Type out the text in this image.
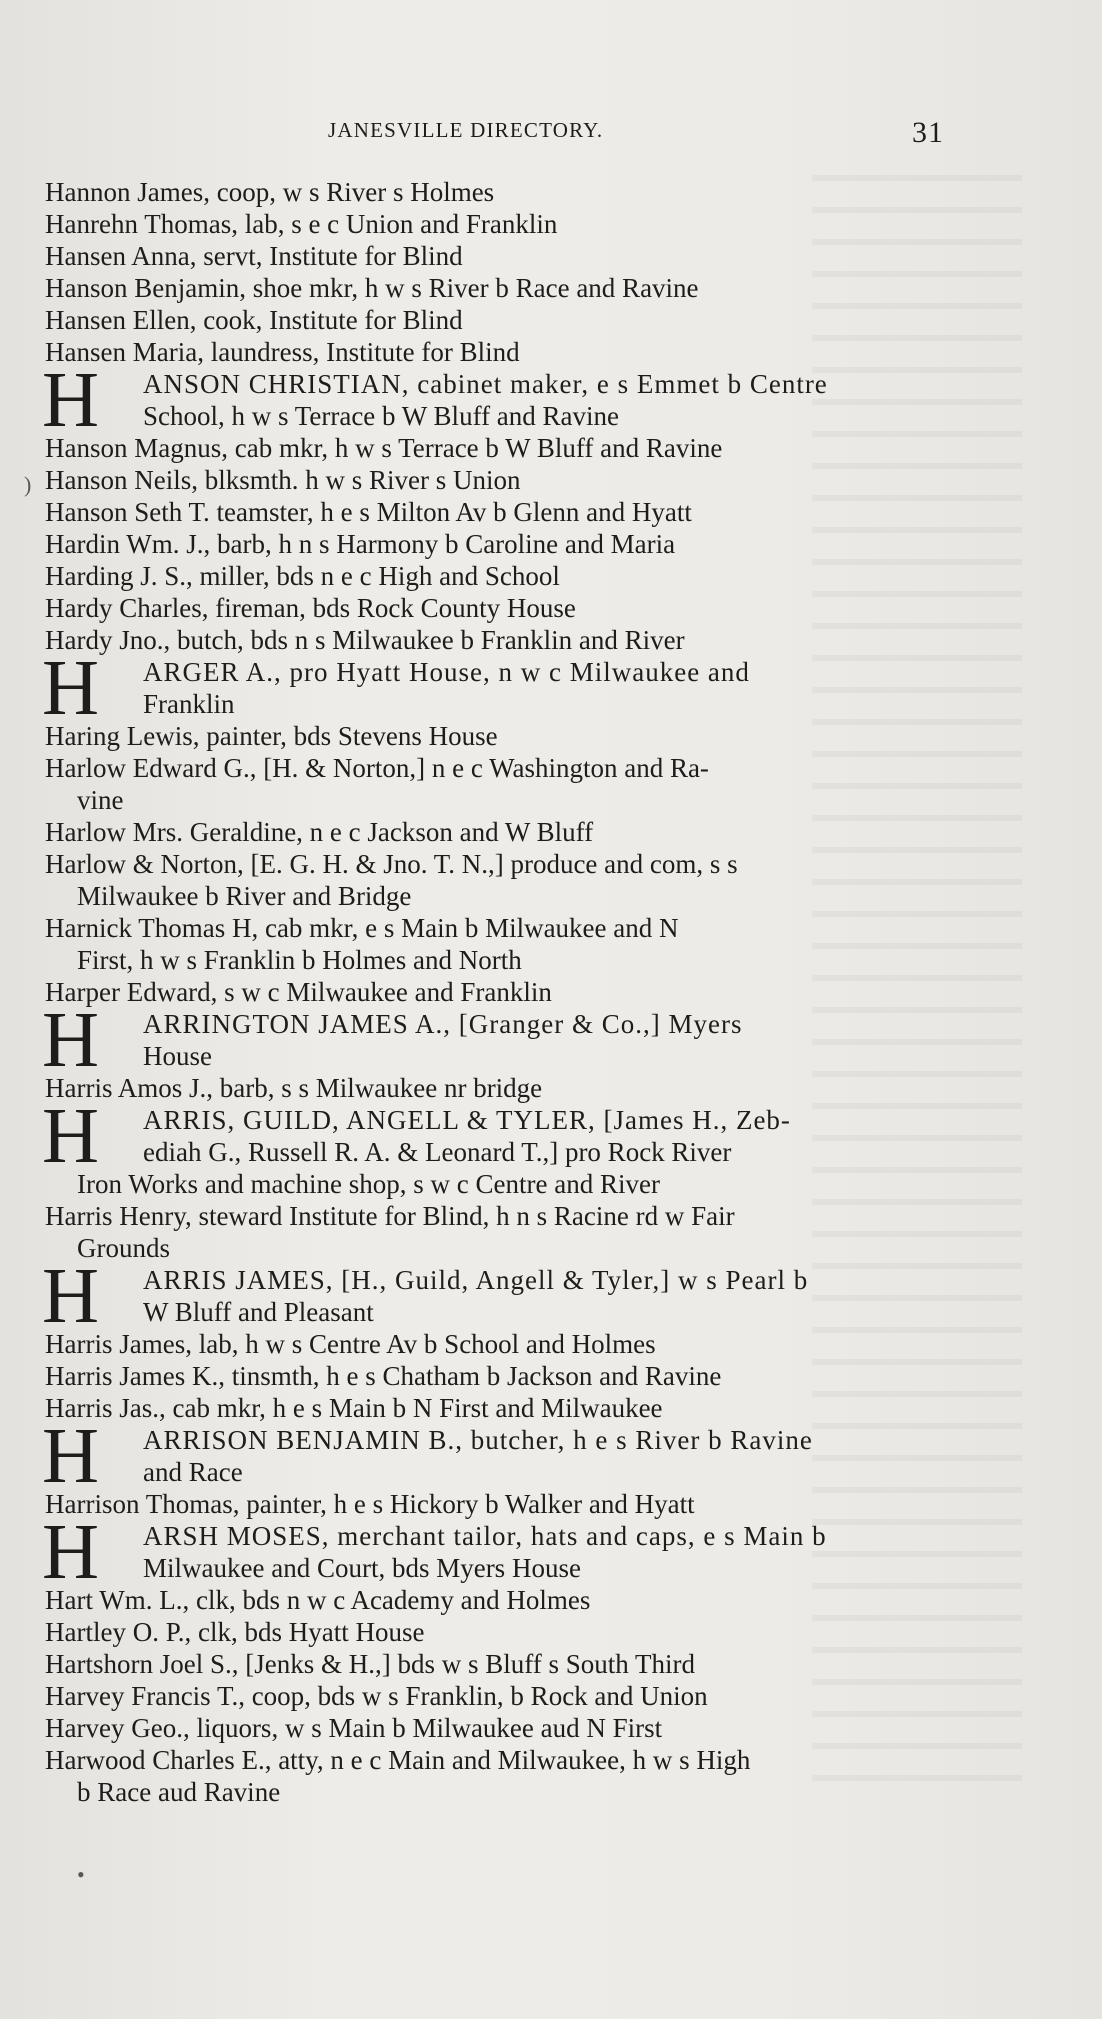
JANESVILLE DIRECTORY.	31
Hannon James, coop, w s River s Holmes
Hanrehn Thomas, lab, s e c Union and Franklin
Hansen Anna, servt, Institute for Blind
Hanson Benjamin, shoe mkr, h w s River b Race and Ravine
Hansen Ellen, cook, Institute for Blind
Hansen Maria, laundress, Institute for Blind
H ANSON CHRISTIAN, cabinet maker, e s Emmet b Centre
School, h w s Terrace b W Bluff and Ravine
Hanson Magnus, cab mkr, h w s Terrace b W Bluff and Ravine
Hanson Neils, blksmth. h w s River s Union
Hanson Seth T. teamster, h e s Milton Av b Glenn and Hyatt
Hardin Wm. J., barb, h n s Harmony b Caroline and Maria
Harding J. S., miller, bds n e c High and School
Hardy Charles, fireman, bds Rock County House
Hardy Jno., butch, bds n s Milwaukee b Franklin and River
H ARGER A., pro Hyatt House, n w c Milwaukee and
Franklin
Haring Lewis, painter, bds Stevens House
Harlow Edward G., [H. & Norton,] n e c Washington and Ra-
vine
Harlow Mrs. Geraldine, n e c Jackson and W Bluff
Harlow & Norton, [E. G. H. & Jno. T. N.,] produce and com, s s
Milwaukee b River and Bridge
Harnick Thomas H, cab mkr, e s Main b Milwaukee and N
First, h w s Franklin b Holmes and North
Harper Edward, s w c Milwaukee and Franklin
H ARRINGTON JAMES A., [Granger & Co.,] Myers
House
Harris Amos J., barb, s s Milwaukee nr bridge
H ARRIS, GUILD, ANGELL & TYLER, [James H., Zeb-
ediah G., Russell R. A. & Leonard T.,] pro Rock River
Iron Works and machine shop, s w c Centre and River
Harris Henry, steward Institute for Blind, h n s Racine rd w Fair
Grounds
H ARRIS JAMES, [H., Guild, Angell & Tyler,] w s Pearl b
W Bluff and Pleasant
Harris James, lab, h w s Centre Av b School and Holmes
Harris James K., tinsmth, h e s Chatham b Jackson and Ravine
Harris Jas., cab mkr, h e s Main b N First and Milwaukee
H ARRISON BENJAMIN B., butcher, h e s River b Ravine
and Race
Harrison Thomas, painter, h e s Hickory b Walker and Hyatt
H ARSH MOSES, merchant tailor, hats and caps, e s Main b
Milwaukee and Court, bds Myers House
Hart Wm. L., clk, bds n w c Academy and Holmes
Hartley O. P., clk, bds Hyatt House
Hartshorn Joel S., [Jenks & H.,] bds w s Bluff s South Third
Harvey Francis T., coop, bds w s Franklin, b Rock and Union
Harvey Geo., liquors, w s Main b Milwaukee aud N First
Harwood Charles E., atty, n e c Main and Milwaukee, h w s High
b Race aud Ravine
)
•
